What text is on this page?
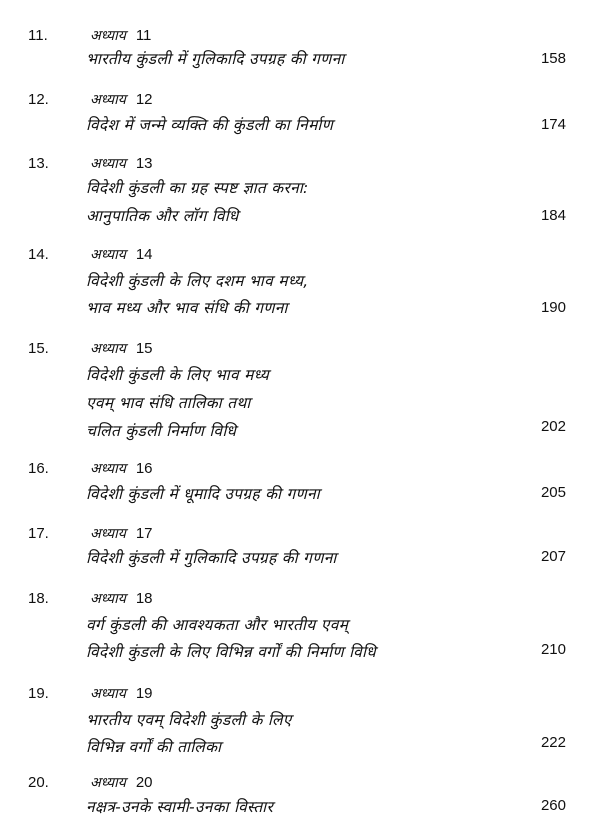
11.	अध्याय 11
भारतीय कुंडली में गुलिकादि उपग्रह की गणना	158
12.	अध्याय 12
विदेश में जन्मे व्यक्ति की कुंडली का निर्माण	174
13.	अध्याय 13
विदेशी कुंडली का ग्रह स्पष्ट ज्ञात करना:
आनुपातिक और लॉग विधि	184
14.	अध्याय 14
विदेशी कुंडली के लिए दशम भाव मध्य,
भाव मध्य और भाव संधि की गणना	190
15.	अध्याय 15
विदेशी कुंडली के लिए भाव मध्य
एवम् भाव संधि तालिका तथा
चलित कुंडली निर्माण विधि	202
16.	अध्याय 16
विदेशी कुंडली में धूमादि उपग्रह की गणना	205
17.	अध्याय 17
विदेशी कुंडली में गुलिकादि उपग्रह की गणना	207
18.	अध्याय 18
वर्ग कुंडली की आवश्यकता और भारतीय एवम्
विदेशी कुंडली के लिए विभिन्न वर्गों की निर्माण विधि	210
19.	अध्याय 19
भारतीय एवम् विदेशी कुंडली के लिए
विभिन्न वर्गों की तालिका	222
20.	अध्याय 20
नक्षत्र-उनके स्वामी-उनका विस्तार	260
